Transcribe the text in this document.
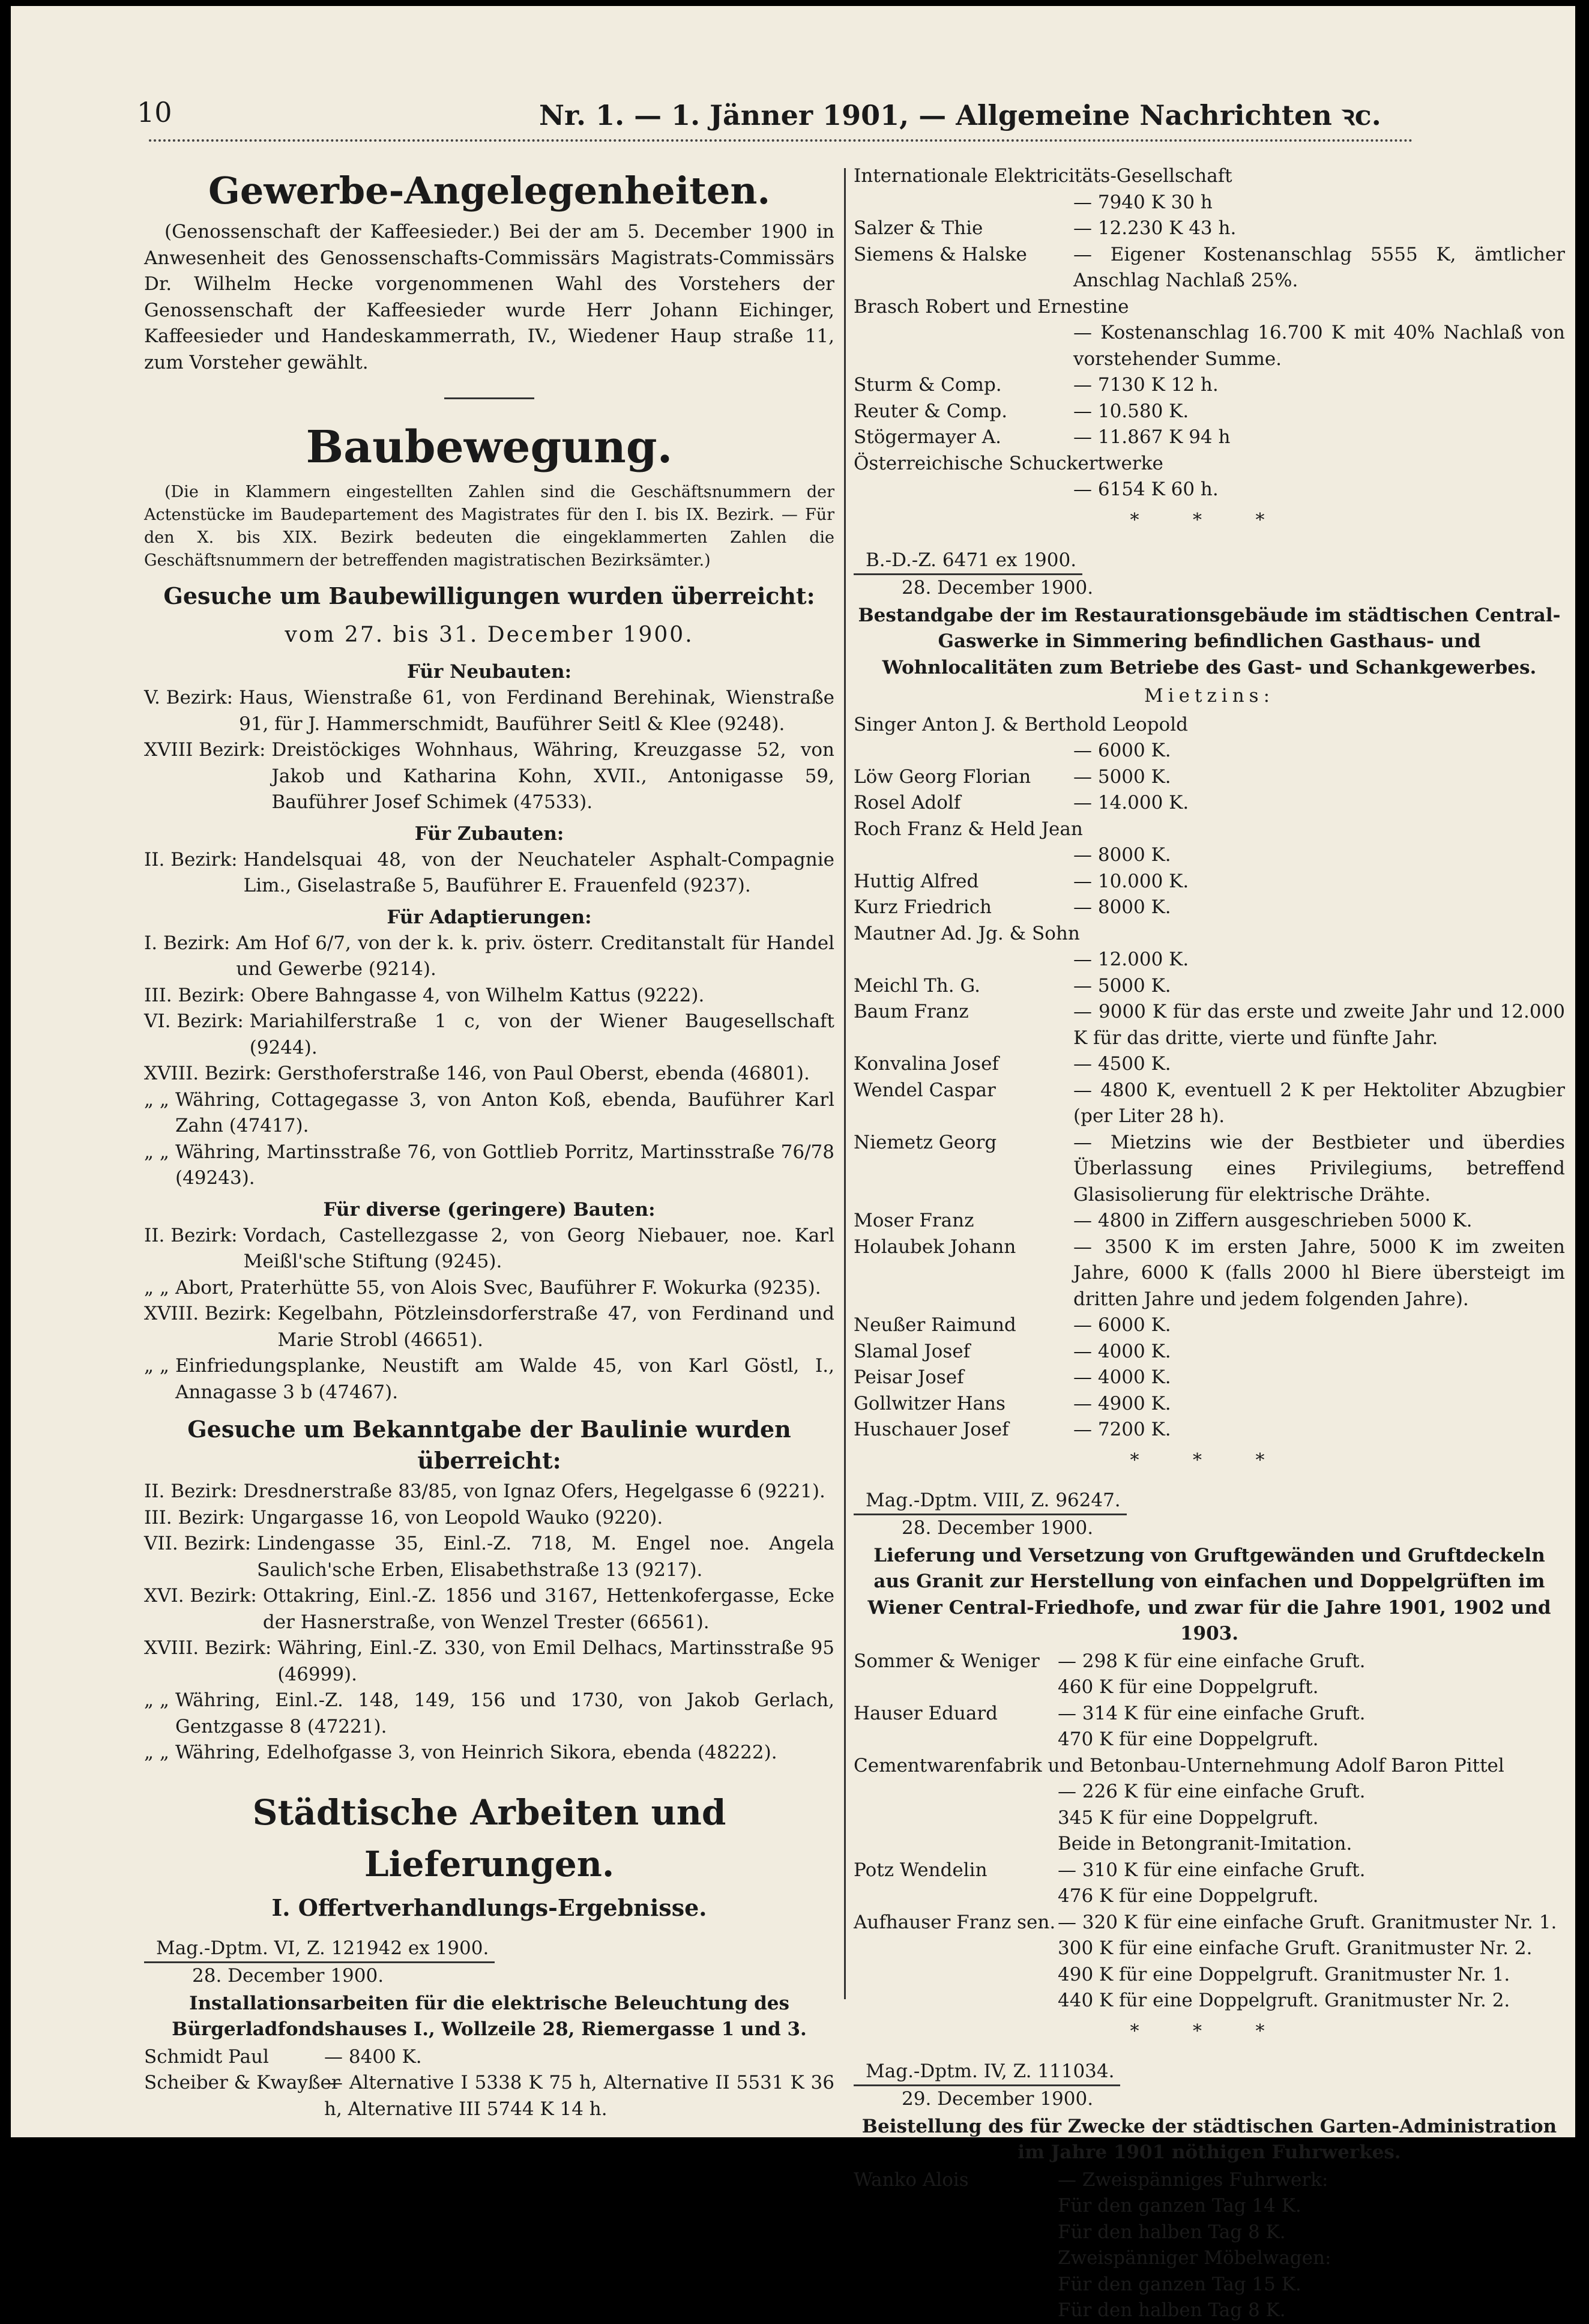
10	Nr. 1. — 1. Jänner 1901, — Allgemeine Nachrichten ꝛc.
Gewerbe-Angelegenheiten.

(Genossenschaft der Kaffeesieder.) Bei der am 5. December 1900 in Anwesenheit des Genossenschafts-Commissärs Magistrats-Commissärs Dr. Wilhelm Hecke vorgenommenen Wahl des Vorstehers der Genossenschaft der Kaffeesieder wurde Herr Johann Eichinger, Kaffeesieder und Handeskammerrath, IV., Wiedener Haup straße 11, zum Vorsteher gewählt.

Baubewegung.

(Die in Klammern eingestellten Zahlen sind die Geschäftsnummern der Actenstücke im Baudepartement des Magistrates für den I. bis IX. Bezirk. — Für den X. bis XIX. Bezirk bedeuten die eingeklammerten Zahlen die Geschäftsnummern der betreffenden magistratischen Bezirksämter.)

Gesuche um Baubewilligungen wurden überreicht:
vom 27. bis 31. December 1900.
Für Neubauten:
V. Bezirk: Haus, Wienstraße 61, von Ferdinand Berehinak, Wienstraße 91, für J. Hammerschmidt, Bauführer Seitl & Klee (9248).
XVIII Bezirk: Dreistöckiges Wohnhaus, Währing, Kreuzgasse 52, von Jakob und Katharina Kohn, XVII., Antonigasse 59, Bauführer Josef Schimek (47533).
Für Zubauten:
II. Bezirk: Handelsquai 48, von der Neuchateler Asphalt-Compagnie Lim., Giselastraße 5, Bauführer E. Frauenfeld (9237).
Für Adaptierungen:
I. Bezirk: Am Hof 6/7, von der k. k. priv. österr. Creditanstalt für Handel und Gewerbe (9214).
III. Bezirk: Obere Bahngasse 4, von Wilhelm Kattus (9222).
VI. Bezirk: Mariahilferstraße 1 c, von der Wiener Baugesellschaft (9244).
XVIII. Bezirk: Gersthoferstraße 146, von Paul Oberst, ebenda (46801).
„ „ Währing, Cottagegasse 3, von Anton Koß, ebenda, Bauführer Karl Zahn (47417).
„ „ Währing, Martinsstraße 76, von Gottlieb Porritz, Martinsstraße 76/78 (49243).
Für diverse (geringere) Bauten:
II. Bezirk: Vordach, Castellezgasse 2, von Georg Niebauer, noe. Karl Meißl'sche Stiftung (9245).
„ „ Abort, Praterhütte 55, von Alois Svec, Bauführer F. Wokurka (9235).
XVIII. Bezirk: Kegelbahn, Pötzleinsdorferstraße 47, von Ferdinand und Marie Strobl (46651).
„ „ Einfriedungsplanke, Neustift am Walde 45, von Karl Göstl, I., Annagasse 3 b (47467).
Gesuche um Bekanntgabe der Baulinie wurden überreicht:
II. Bezirk: Dresdnerstraße 83/85, von Ignaz Ofers, Hegelgasse 6 (9221).
III. Bezirk: Ungargasse 16, von Leopold Wauko (9220).
VII. Bezirk: Lindengasse 35, Einl.-Z. 718, M. Engel noe. Angela Saulich'sche Erben, Elisabethstraße 13 (9217).
XVI. Bezirk: Ottakring, Einl.-Z. 1856 und 3167, Hettenkofergasse, Ecke der Hasnerstraße, von Wenzel Trester (66561).
XVIII. Bezirk: Währing, Einl.-Z. 330, von Emil Delhacs, Martinsstraße 95 (46999).
„ „ Währing, Einl.-Z. 148, 149, 156 und 1730, von Jakob Gerlach, Gentzgasse 8 (47221).
„ „ Währing, Edelhofgasse 3, von Heinrich Sikora, ebenda (48222).
Städtische Arbeiten und Lieferungen.
I. Offertverhandlungs-Ergebnisse.
Mag.-Dptm. VI, Z. 121942 ex 1900.
28. December 1900.
Installationsarbeiten für die elektrische Beleuchtung des Bürgerladfondshauses I., Wollzeile 28, Riemergasse 1 und 3.
Schmidt Paul	— 8400 K.
Scheiber & Kwayßer
— Alternative I 5338 K 75 h, Alternative II 5531 K 36 h, Alternative III 5744 K 14 h.
Internationale Elektricitäts-Gesellschaft
— 7940 K 30 h
Salzer & Thie	— 12.230 K 43 h.
Siemens & Halske	— Eigener Kostenanschlag 5555 K, ämtlicher Anschlag Nachlaß 25%.
Brasch Robert und Ernestine
— Kostenanschlag 16.700 K mit 40% Nachlaß von vorstehender Summe.
Sturm & Comp.	— 7130 K 12 h.
Reuter & Comp.	— 10.580 K.
Stögermayer A.	— 11.867 K 94 h
Österreichische Schuckertwerke
— 6154 K 60 h.
* * *
B.-D.-Z. 6471 ex 1900.
28. December 1900.
Bestandgabe der im Restaurationsgebäude im städtischen Central-Gaswerke in Simmering befindlichen Gasthaus- und Wohnlocalitäten zum Betriebe des Gast- und Schankgewerbes.
Mietzins:
Singer Anton J. & Berthold Leopold
— 6000 K.
Löw Georg Florian	— 5000 K.
Rosel Adolf	— 14.000 K.
Roch Franz & Held Jean
— 8000 K.
Huttig Alfred	— 10.000 K.
Kurz Friedrich	— 8000 K.
Mautner Ad. Jg. & Sohn
— 12.000 K.
Meichl Th. G.	— 5000 K.
Baum Franz	— 9000 K für das erste und zweite Jahr und 12.000 K für das dritte, vierte und fünfte Jahr.
Konvalina Josef	— 4500 K.
Wendel Caspar	— 4800 K, eventuell 2 K per Hektoliter Abzugbier (per Liter 28 h).
Niemetz Georg	— Mietzins wie der Bestbieter und überdies Überlassung eines Privilegiums, betreffend Glasisolierung für elektrische Drähte.
Moser Franz	— 4800 in Ziffern ausgeschrieben 5000 K.
Holaubek Johann	— 3500 K im ersten Jahre, 5000 K im zweiten Jahre, 6000 K (falls 2000 hl Biere übersteigt im dritten Jahre und jedem folgenden Jahre).
Neußer Raimund	— 6000 K.
Slamal Josef	— 4000 K.
Peisar Josef	— 4000 K.
Gollwitzer Hans	— 4900 K.
Huschauer Josef	— 7200 K.
* * *
Mag.-Dptm. VIII, Z. 96247.
28. December 1900.
Lieferung und Versetzung von Gruftgewänden und Gruftdeckeln aus Granit zur Herstellung von einfachen und Doppelgrüften im Wiener Central-Friedhofe, und zwar für die Jahre 1901, 1902 und 1903.
Sommer & Weniger — 298 K für eine einfache Gruft.
460 K für eine Doppelgruft.
Hauser Eduard	— 314 K für eine einfache Gruft.
470 K für eine Doppelgruft.
Cementwarenfabrik und Betonbau-Unternehmung Adolf Baron Pittel
— 226 K für eine einfache Gruft.
345 K für eine Doppelgruft.
Beide in Betongranit-Imitation.
Potz Wendelin	— 310 K für eine einfache Gruft.
476 K für eine Doppelgruft.
Aufhauser Franz sen. — 320 K für eine einfache Gruft. Granitmuster Nr. 1.
300 K für eine einfache Gruft. Granitmuster Nr. 2.
490 K für eine Doppelgruft. Granitmuster Nr. 1.
440 K für eine Doppelgruft. Granitmuster Nr. 2.
* * *
Mag.-Dptm. IV, Z. 111034.
29. December 1900.
Beistellung des für Zwecke der städtischen Garten-Administration im Jahre 1901 nöthigen Fuhrwerkes.
Wanko Alois	— Zweispänniges Fuhrwerk:
Für den ganzen Tag 14 K.
Für den halben Tag 8 K.
Zweispänniger Möbelwagen:
Für den ganzen Tag 15 K.
Für den halben Tag 8 K.
